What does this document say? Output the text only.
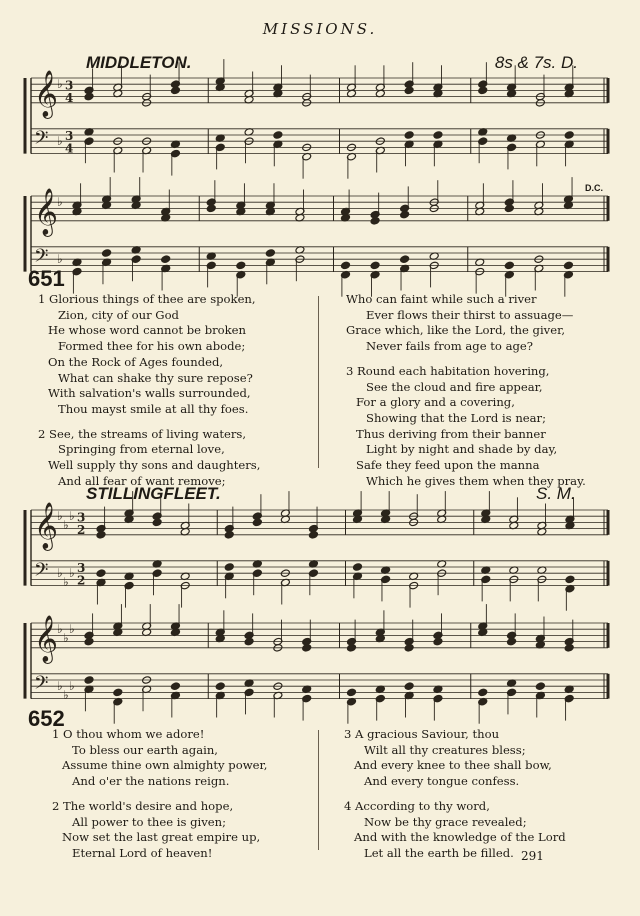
MISSIONS.
MIDDLETON.	8s & 7s. D.
D.C.
STILLINGFLEET.	S. M.
𝄞
𝄢
♭
♭
3
4
3
4
𝄞
𝄢
♭
♭
𝄞
𝄢
♭
♭
♭
♭
♭
♭
3
2
3
2
𝄞
𝄢
♭
♭
♭
♭
♭
♭
651
1 Glorious things of thee are spoken,
Zion, city of our God
He whose word cannot be broken
Formed thee for his own abode;
On the Rock of Ages founded,
What can shake thy sure repose?
With salvation's walls surrounded,
Thou mayst smile at all thy foes.
2 See, the streams of living waters,
Springing from eternal love,
Well supply thy sons and daughters,
And all fear of want remove;
Who can faint while such a river
Ever flows their thirst to assuage—
Grace which, like the Lord, the giver,
Never fails from age to age?
3 Round each habitation hovering,
See the cloud and fire appear,
For a glory and a covering,
Showing that the Lord is near;
Thus deriving from their banner
Light by night and shade by day,
Safe they feed upon the manna
Which he gives them when they pray.
652
1 O thou whom we adore!
To bless our earth again,
Assume thine own almighty power,
And o'er the nations reign.
2 The world's desire and hope,
All power to thee is given;
Now set the last great empire up,
Eternal Lord of heaven!
3 A gracious Saviour, thou
Wilt all thy creatures bless;
And every knee to thee shall bow,
And every tongue confess.
4 According to thy word,
Now be thy grace revealed;
And with the knowledge of the Lord
Let all the earth be filled. 291
